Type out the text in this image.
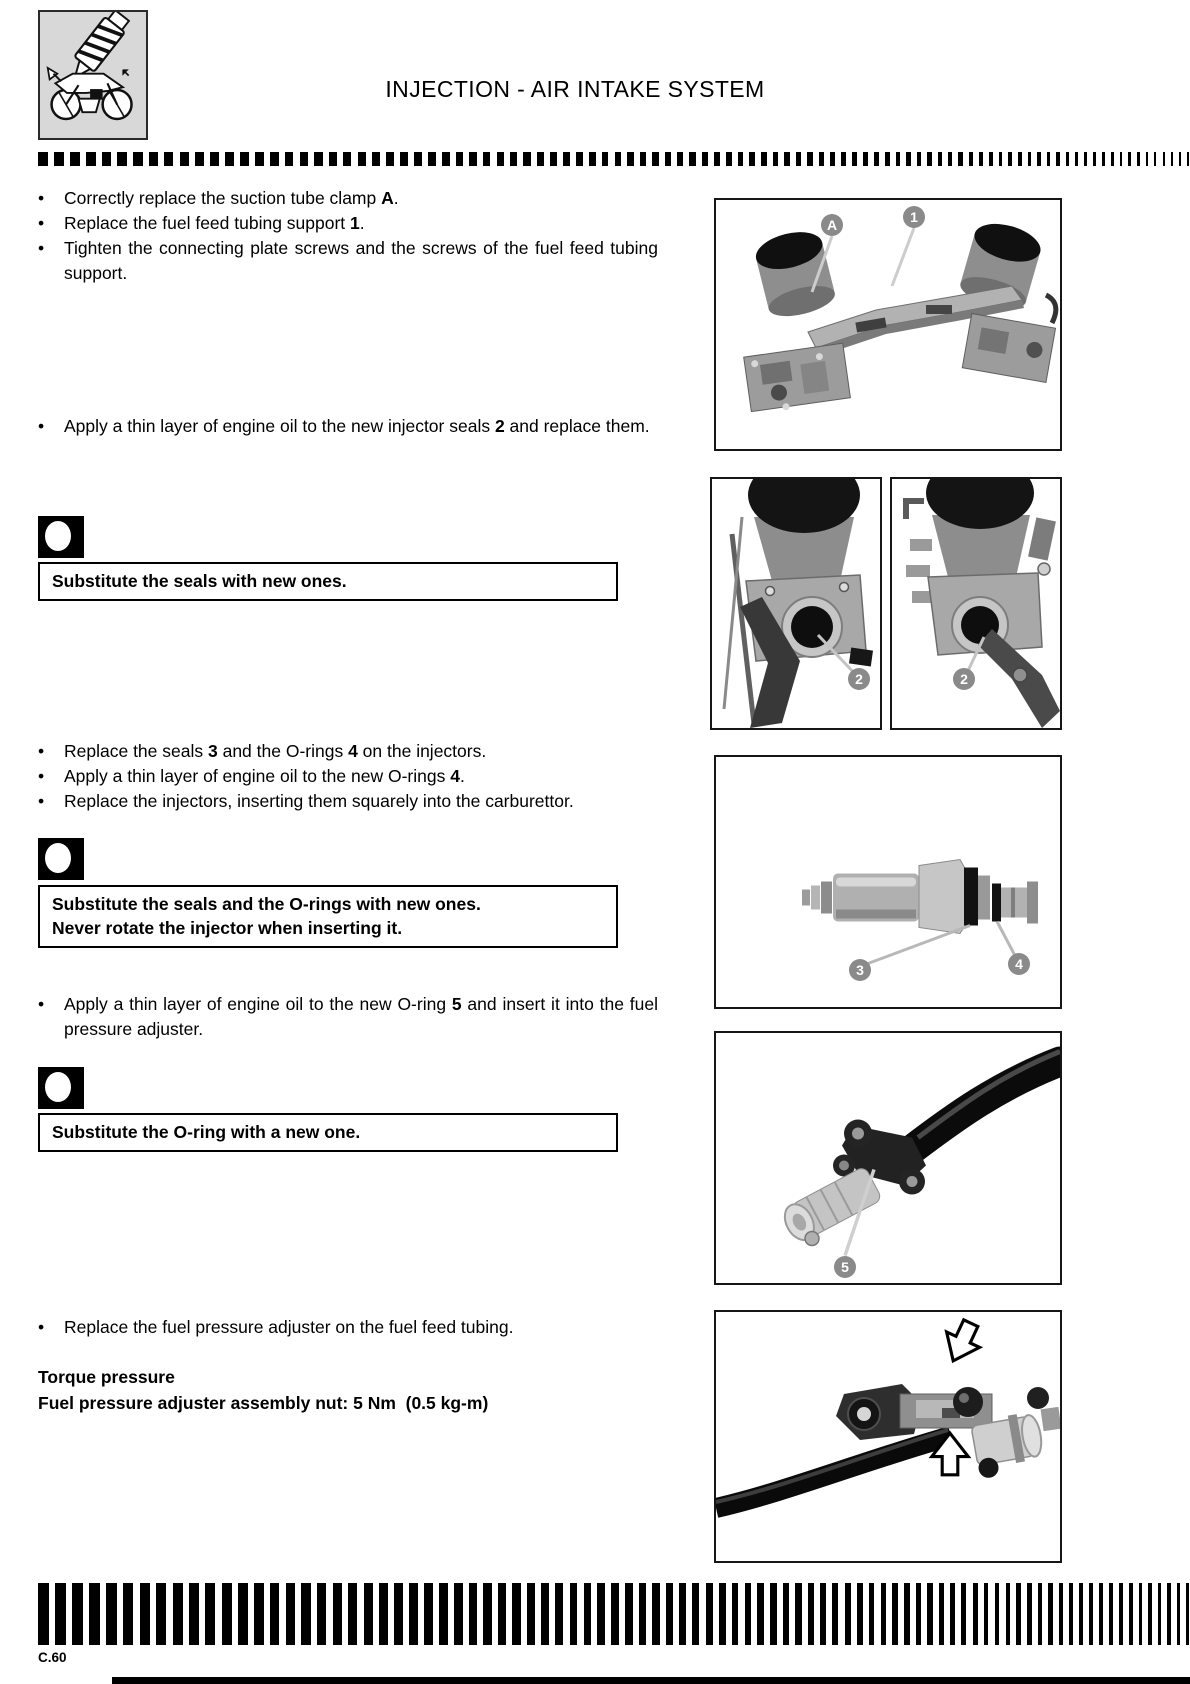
INJECTION - AIR INTAKE SYSTEM
•	Correctly replace the suction tube clamp A.
•	Replace the fuel feed tubing support 1.
•	Tighten the connecting plate screws and the screws of the fuel feed tubing support.
•	Apply a thin layer of engine oil to the new injector seals 2 and replace them.
Substitute the seals with new ones.
•	Replace the seals 3 and the O-rings 4 on the injectors.
•	Apply a thin layer of engine oil to the new O-rings 4.
•	Replace the injectors, inserting them squarely into the carburettor.
Substitute the seals and the O-rings with new ones.
Never rotate the injector when inserting it.
•	Apply a thin layer of engine oil to the new O-ring 5 and insert it into the fuel pressure adjuster.
Substitute the O-ring with a new one.
•	Replace the fuel pressure adjuster on the fuel feed tubing.
Torque pressure
Fuel pressure adjuster assembly nut: 5 Nm  (0.5 kg-m)
A	1
2	2
3	4
5
C.60
